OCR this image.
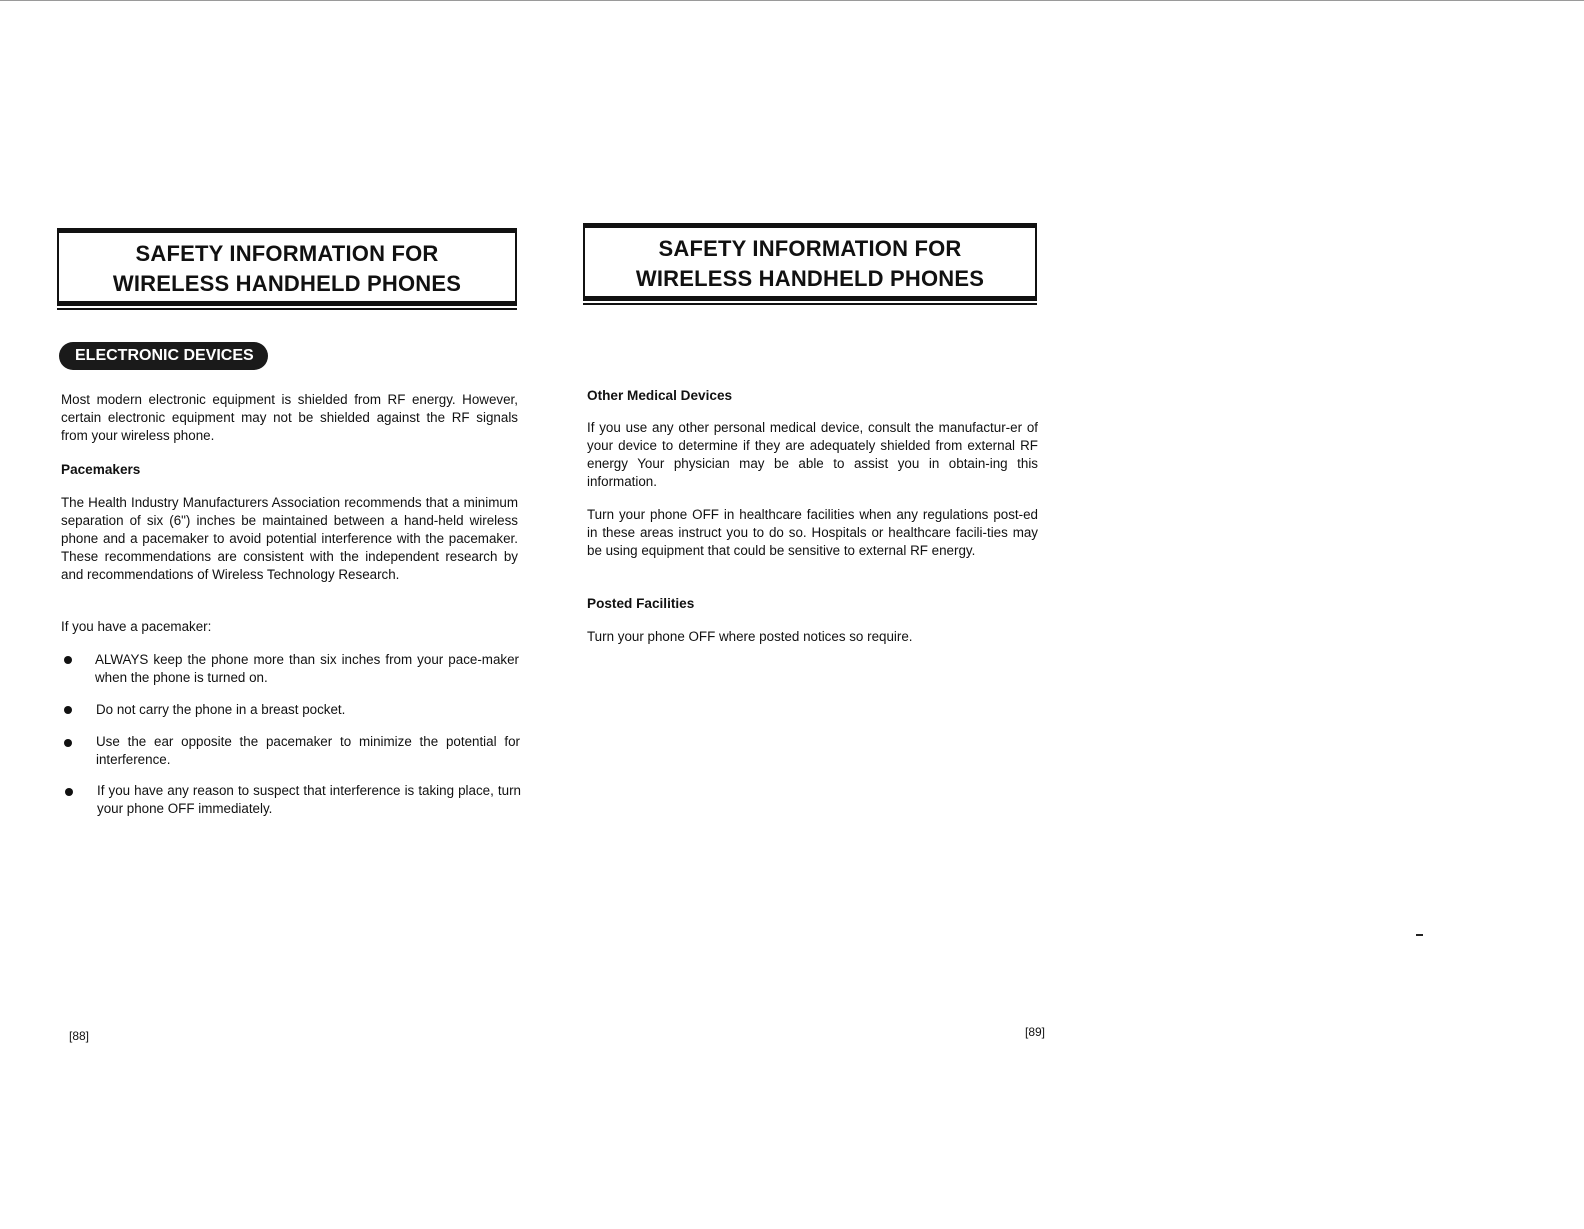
SAFETY INFORMATION FOR
WIRELESS HANDHELD PHONES
ELECTRONIC DEVICES
Most modern electronic equipment is shielded from RF energy. However, certain electronic equipment may not be shielded against the RF signals from your wireless phone.
Pacemakers
The Health Industry Manufacturers Association recommends that a minimum separation of six (6") inches be maintained between a hand-held wireless phone and a pacemaker to avoid potential interference with the pacemaker. These recommendations are consistent with the independent research by and recommendations of Wireless Technology Research.
If you have a pacemaker:
ALWAYS keep the phone more than six inches from your pace-maker when the phone is turned on.
Do not carry the phone in a breast pocket.
Use the ear opposite the pacemaker to minimize the potential for interference.
If you have any reason to suspect that interference is taking place, turn your phone OFF immediately.
[88]
SAFETY INFORMATION FOR
WIRELESS HANDHELD PHONES
Other Medical Devices
If you use any other personal medical device, consult the manufactur-er of your device to determine if they are adequately shielded from external RF energy Your physician may be able to assist you in obtain-ing this information.
Turn your phone OFF in healthcare facilities when any regulations post-ed in these areas instruct you to do so. Hospitals or healthcare facili-ties may be using equipment that could be sensitive to external RF energy.
Posted Facilities
Turn your phone OFF where posted notices so require.
[89]
